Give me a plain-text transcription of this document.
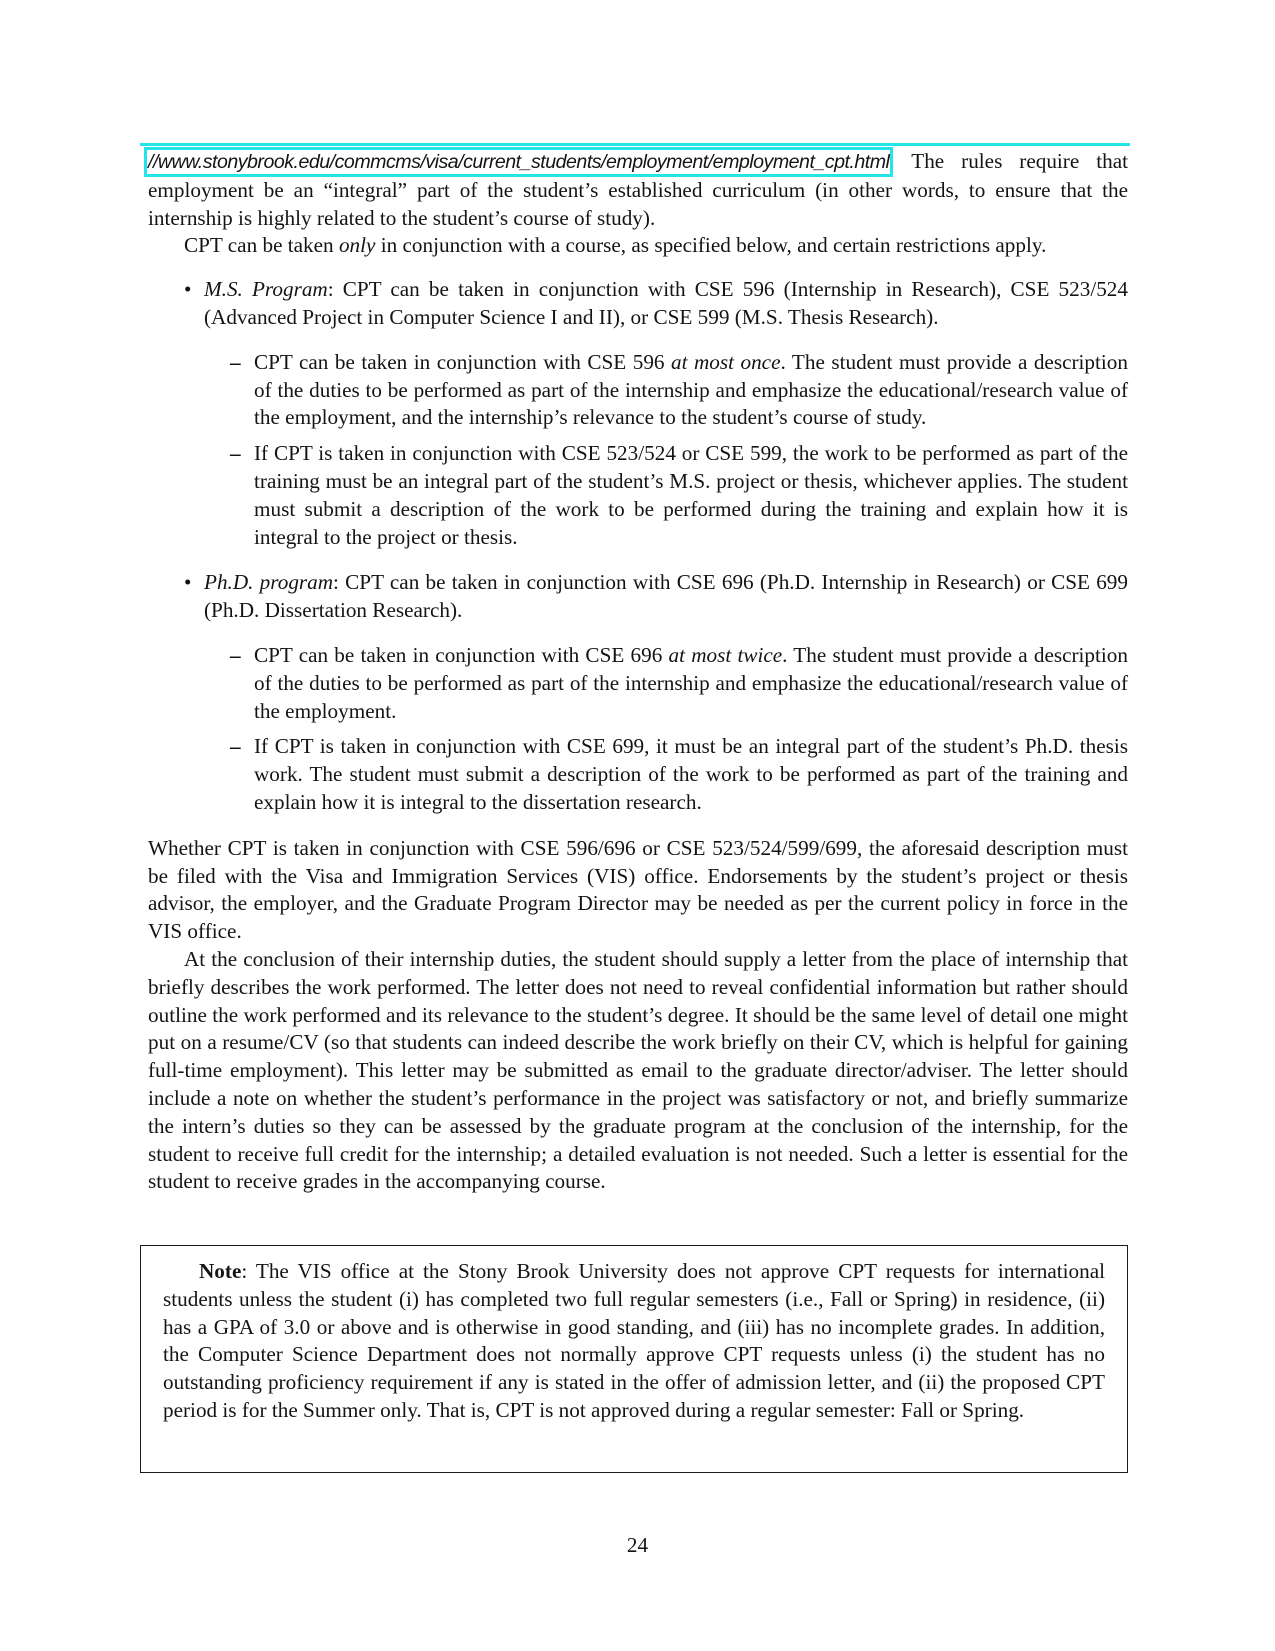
//www.stonybrook.edu/commcms/visa/current_students/employment/employment_cpt.html. The rules require that employment be an “integral” part of the student’s established curriculum (in other words, to ensure that the internship is highly related to the student’s course of study).

CPT can be taken only in conjunction with a course, as specified below, and certain restrictions apply.

• M.S. Program: CPT can be taken in conjunction with CSE 596 (Internship in Research), CSE 523/524 (Advanced Project in Computer Science I and II), or CSE 599 (M.S. Thesis Research).

– CPT can be taken in conjunction with CSE 596 at most once. The student must provide a description of the duties to be performed as part of the internship and emphasize the educational/research value of the employment, and the internship’s relevance to the student’s course of study.

– If CPT is taken in conjunction with CSE 523/524 or CSE 599, the work to be performed as part of the training must be an integral part of the student’s M.S. project or thesis, whichever applies. The student must submit a description of the work to be performed during the training and explain how it is integral to the project or thesis.

• Ph.D. program: CPT can be taken in conjunction with CSE 696 (Ph.D. Internship in Research) or CSE 699 (Ph.D. Dissertation Research).

– CPT can be taken in conjunction with CSE 696 at most twice. The student must provide a description of the duties to be performed as part of the internship and emphasize the educational/research value of the employment.

– If CPT is taken in conjunction with CSE 699, it must be an integral part of the student’s Ph.D. thesis work. The student must submit a description of the work to be performed as part of the training and explain how it is integral to the dissertation research.

Whether CPT is taken in conjunction with CSE 596/696 or CSE 523/524/599/699, the aforesaid description must be filed with the Visa and Immigration Services (VIS) office. Endorsements by the student’s project or thesis advisor, the employer, and the Graduate Program Director may be needed as per the current policy in force in the VIS office.

At the conclusion of their internship duties, the student should supply a letter from the place of internship that briefly describes the work performed. The letter does not need to reveal confidential information but rather should outline the work performed and its relevance to the student’s degree. It should be the same level of detail one might put on a resume/CV (so that students can indeed describe the work briefly on their CV, which is helpful for gaining full-time employment). This letter may be submitted as email to the graduate director/adviser. The letter should include a note on whether the student’s performance in the project was satisfactory or not, and briefly summarize the intern’s duties so they can be assessed by the graduate program at the conclusion of the internship, for the student to receive full credit for the internship; a detailed evaluation is not needed. Such a letter is essential for the student to receive grades in the accompanying course.

Note: The VIS office at the Stony Brook University does not approve CPT requests for international students unless the student (i) has completed two full regular semesters (i.e., Fall or Spring) in residence, (ii) has a GPA of 3.0 or above and is otherwise in good standing, and (iii) has no incomplete grades. In addition, the Computer Science Department does not normally approve CPT requests unless (i) the student has no outstanding proficiency requirement if any is stated in the offer of admission letter, and (ii) the proposed CPT period is for the Summer only. That is, CPT is not approved during a regular semester: Fall or Spring.

24
